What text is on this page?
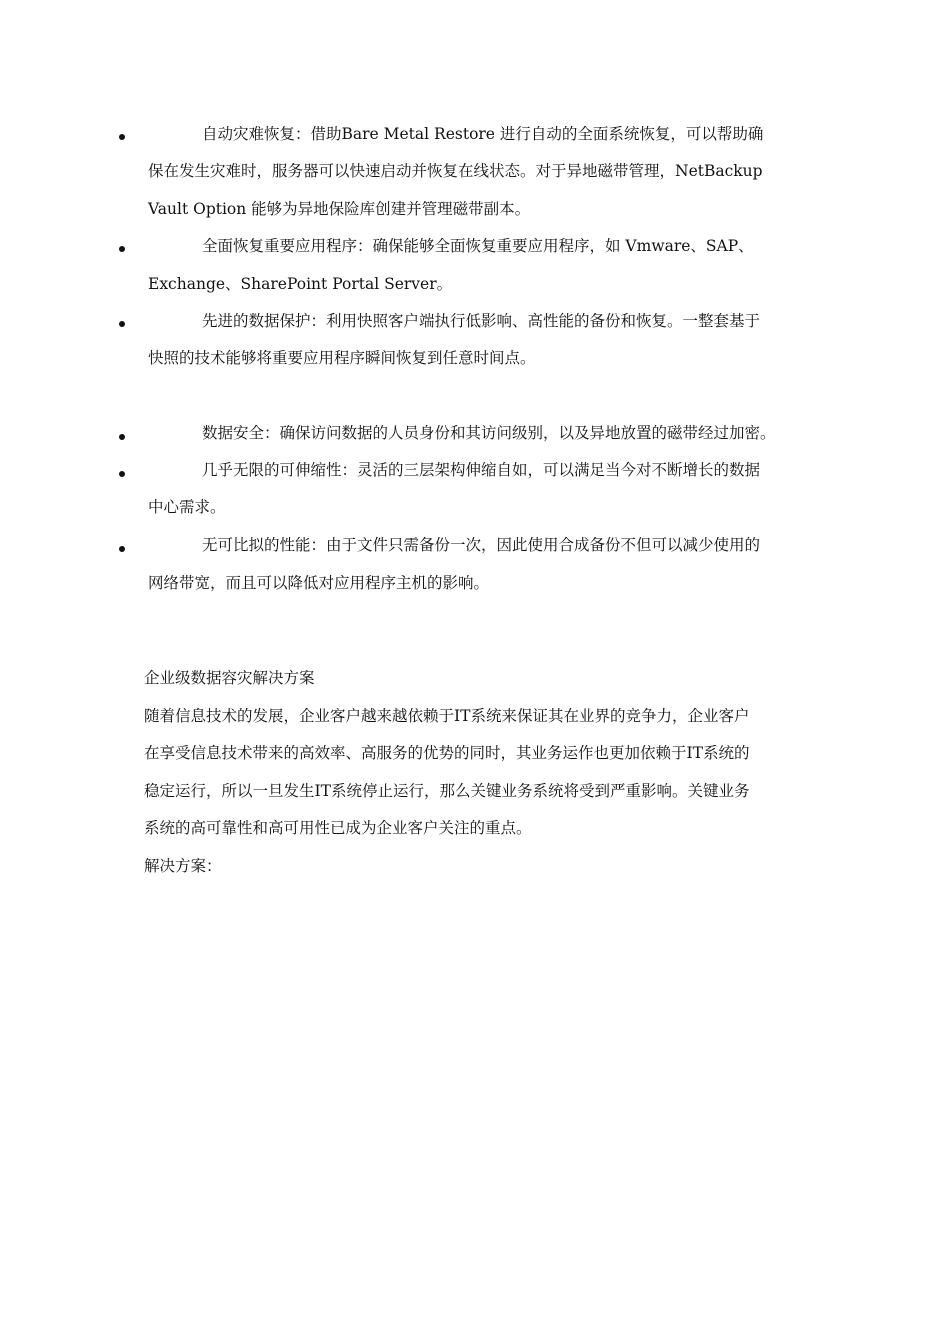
自动灾难恢复：借助Bare Metal Restore 进行自动的全面系统恢复，可以帮助确
保在发生灾难时，服务器可以快速启动并恢复在线状态。对于异地磁带管理，NetBackup
Vault Option 能够为异地保险库创建并管理磁带副本。
全面恢复重要应用程序：确保能够全面恢复重要应用程序，如 Vmware、SAP、
Exchange、SharePoint Portal Server。
先进的数据保护：利用快照客户端执行低影响、高性能的备份和恢复。一整套基于
快照的技术能够将重要应用程序瞬间恢复到任意时间点。
数据安全：确保访问数据的人员身份和其访问级别，以及异地放置的磁带经过加密。
几乎无限的可伸缩性：灵活的三层架构伸缩自如，可以满足当今对不断增长的数据
中心需求。
无可比拟的性能：由于文件只需备份一次，因此使用合成备份不但可以减少使用的
网络带宽，而且可以降低对应用程序主机的影响。
企业级数据容灾解决方案
随着信息技术的发展，企业客户越来越依赖于IT系统来保证其在业界的竞争力，企业客户
在享受信息技术带来的高效率、高服务的优势的同时，其业务运作也更加依赖于IT系统的
稳定运行，所以一旦发生IT系统停止运行，那么关键业务系统将受到严重影响。关键业务
系统的高可靠性和高可用性已成为企业客户关注的重点。
解决方案：
